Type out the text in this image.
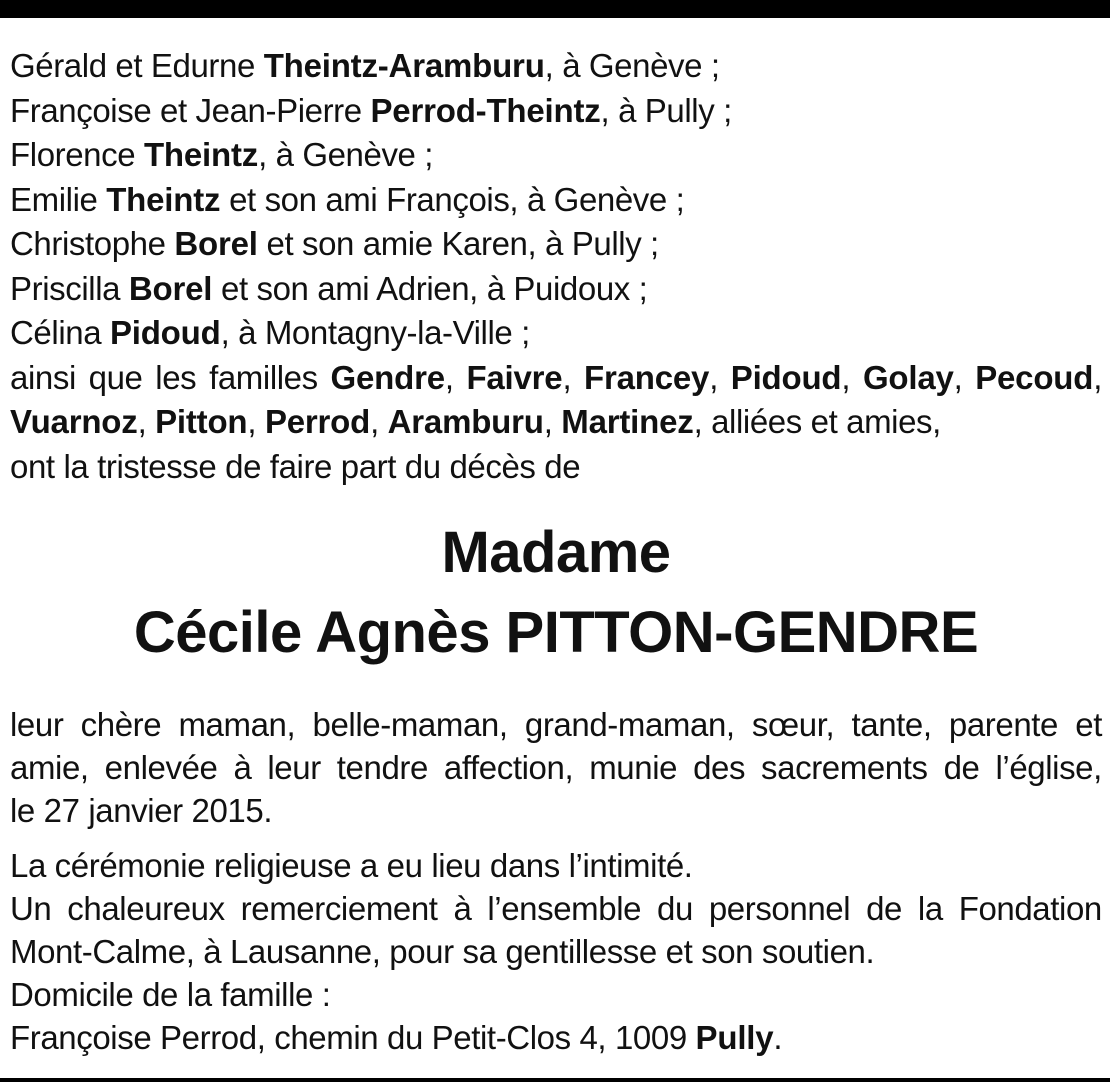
Gérald et Edurne Theintz-Aramburu, à Genève ;
Françoise et Jean-Pierre Perrod-Theintz, à Pully ;
Florence Theintz, à Genève ;
Emilie Theintz et son ami François, à Genève ;
Christophe Borel et son amie Karen, à Pully ;
Priscilla Borel et son ami Adrien, à Puidoux ;
Célina Pidoud, à Montagny-la-Ville ;
ainsi que les familles Gendre, Faivre, Francey, Pidoud, Golay, Pecoud,
Vuarnoz, Pitton, Perrod, Aramburu, Martinez, alliées et amies,
ont la tristesse de faire part du décès de
Madame
Cécile Agnès PITTON-GENDRE
leur chère maman, belle-maman, grand-maman, sœur, tante, parente et
amie, enlevée à leur tendre affection, munie des sacrements de l’église,
le 27 janvier 2015.
La cérémonie religieuse a eu lieu dans l’intimité.
Un chaleureux remerciement à l’ensemble du personnel de la Fondation
Mont-Calme, à Lausanne, pour sa gentillesse et son soutien.
Domicile de la famille :
Françoise Perrod, chemin du Petit-Clos 4, 1009 Pully.
